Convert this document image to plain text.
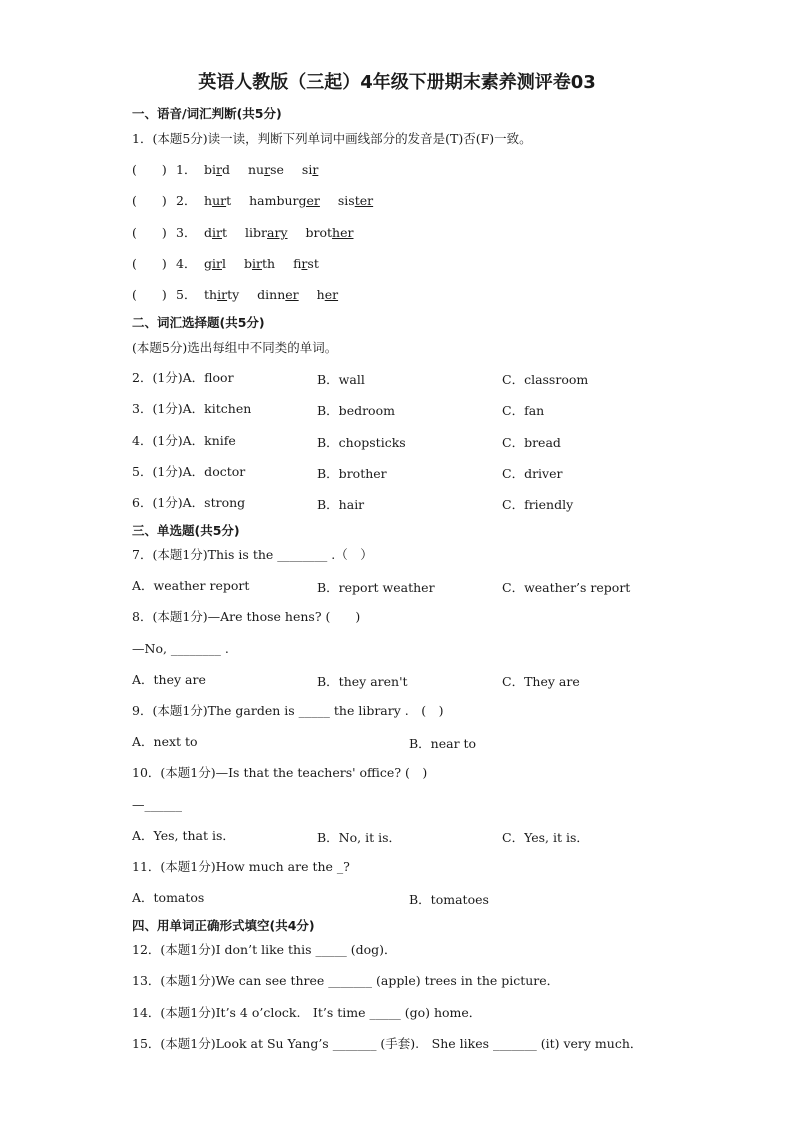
英语人教版（三起）4年级下册期末素养测评卷03
一、语音/词汇判断(共5分)
1．(本题5分)读一读，判断下列单词中画线部分的发音是(T)否(F)一致。
(　　) 1． bird nurse sir
(　　) 2． hurt hamburger sister
(　　) 3． dirt library brother
(　　) 4． girl birth first
(　　) 5． thirty dinner her
二、词汇选择题(共5分)
(本题5分)选出每组中不同类的单词。
2．(1分)A．floor	B．wall	C．classroom
3．(1分)A．kitchen	B．bedroom	C．fan
4．(1分)A．knife	B．chopsticks	C．bread
5．(1分)A．doctor	B．brother	C．driver
6．(1分)A．strong	B．hair	C．friendly
三、单选题(共5分)
7．(本题1分)This is the ________ .（　）
A．weather report	B．report weather	C．weather’s report
8．(本题1分)—Are those hens? (　　)
—No, ________ .
A．they are	B．they aren't	C．They are
9．(本题1分)The garden is _____ the library .　(　)
A．next to	B．near to
10．(本题1分)—Is that the teachers' office? (　)
—______
A．Yes, that is．	B．No, it is．	C．Yes, it is．
11．(本题1分)How much are the _?
A．tomatos	B．tomatoes
四、用单词正确形式填空(共4分)
12．(本题1分)I don’t like this _____ (dog)．
13．(本题1分)We can see three _______ (apple) trees in the picture．
14．(本题1分)It’s 4 o’clock.　It’s time _____ (go) home．
15．(本题1分)Look at Su Yang’s _______ (手套).　She likes _______ (it) very much．
